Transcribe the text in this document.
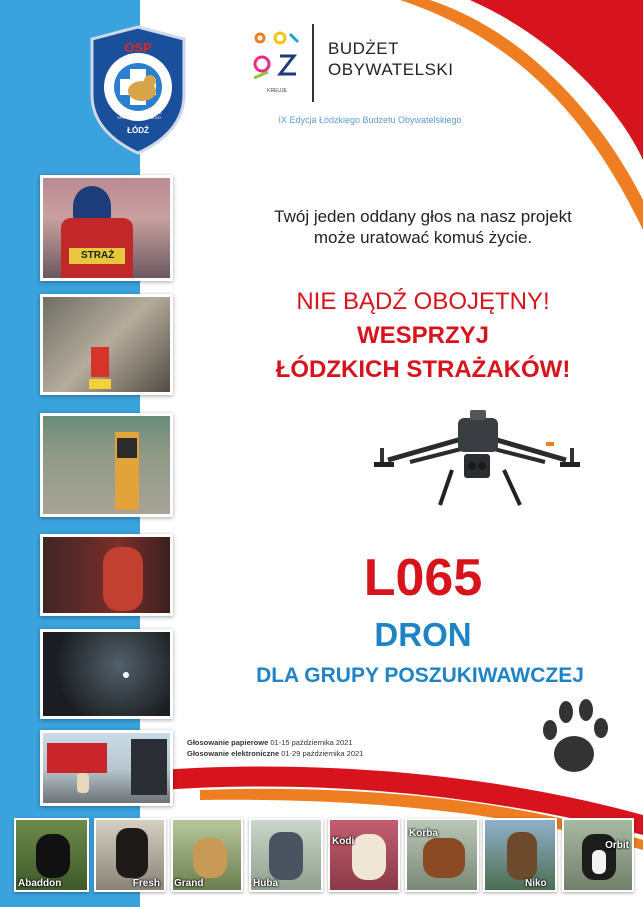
OSP
ŁÓDŹ
GRUPA RATOWNICTWA SPECJALISTYCZNEGO
KREUJE
BUDŻET
OBYWATELSKI
IX Edycja Łódzkiego Budżetu Obywatelskiego
STRAŻ
Twój jeden oddany głos na nasz projekt
może uratować komuś życie.
NIE BĄDŹ OBOJĘTNY!
WESPRZYJ
ŁÓDZKICH STRAŻAKÓW!
L065
DRON
DLA GRUPY POSZUKIWAWCZEJ
Głosowanie papierowe 01-15 października 2021
Głosowanie elektroniczne 01-29 października 2021
Abaddon	Fresh Grand	Huba
Kodi
Korba
Niko
Orbit
